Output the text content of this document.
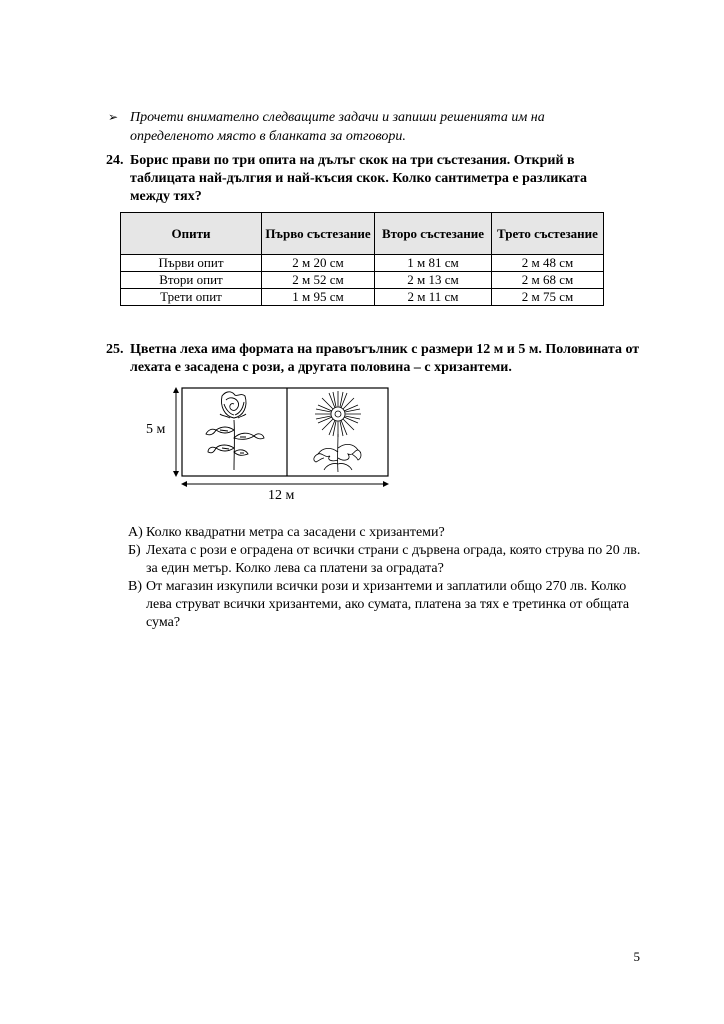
➢ Прочети внимателно следващите задачи и запиши решенията им на определеното място в бланката за отговори.
24. Борис прави по три опита на дълъг скок на три състезания. Открий в таблицата най-дългия и най-късия скок. Колко сантиметра е разликата между тях?
Опити	Първо състезание	Второ състезание	Трето състезание
Първи опит	2 м 20 см	1 м 81 см	2 м 48 см
Втори опит	2 м 52 см	2 м 13 см	2 м 68 см
Трети опит	1 м 95 см	2 м 11 см	2 м 75 см
25. Цветна леха има формата на правоъгълник с размери 12 м и 5 м. Половината от лехата е засадена с рози, а другата половина – с хризантеми.
5 м
12 м
А) Колко квадратни метра са засадени с хризантеми?
Б) Лехата с рози е оградена от всички страни с дървена ограда, която струва по 20 лв. за един метър. Колко лева са платени за оградата?
В) От магазин изкупили всички рози и хризантеми и заплатили общо 270 лв. Колко лева струват всички хризантеми, ако сумата, платена за тях е третинка от общата сума?
5
